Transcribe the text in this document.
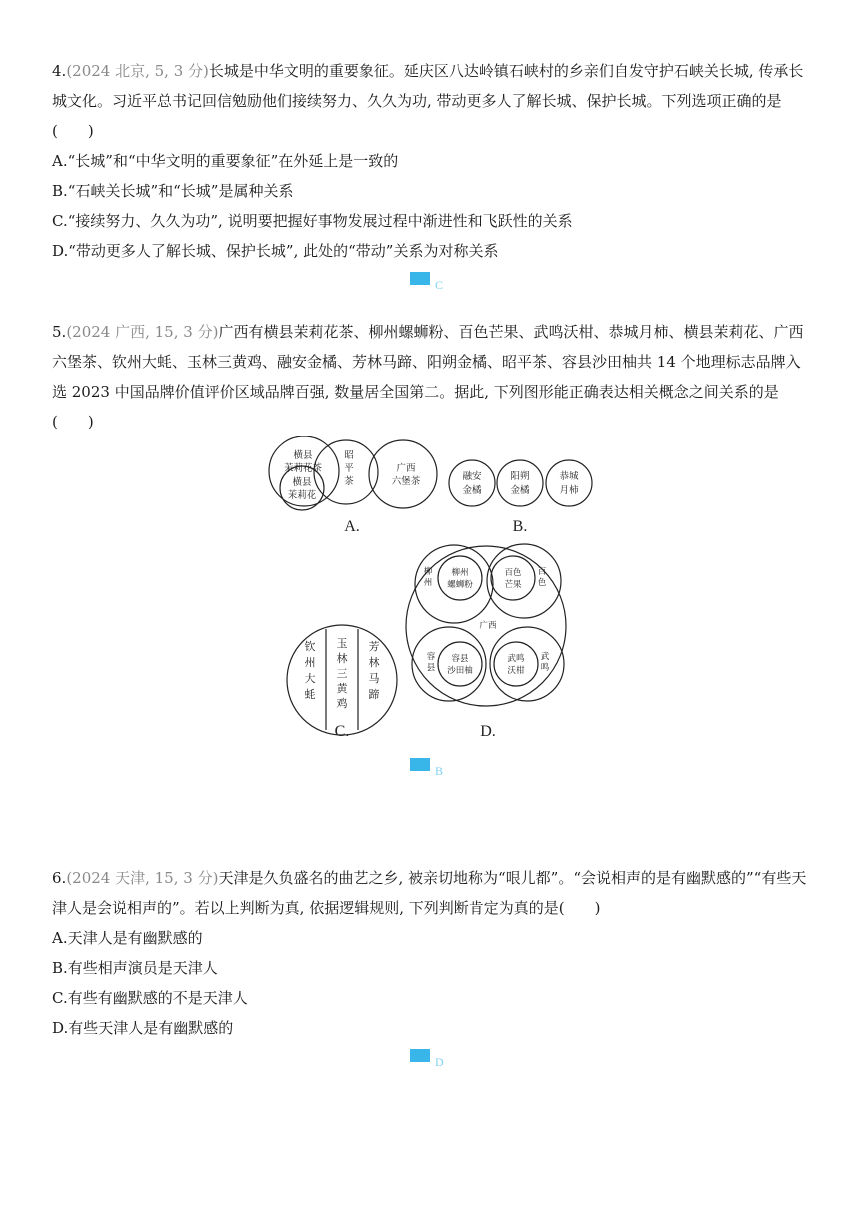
4.(2024 北京, 5, 3 分)长城是中华文明的重要象征。延庆区八达岭镇石峡村的乡亲们自发守护石峡关长城, 传承长城文化。习近平总书记回信勉励他们接续努力、久久为功, 带动更多人了解长城、保护长城。下列选项正确的是(　　)

A.“长城”和“中华文明的重要象征”在外延上是一致的

B.“石峡关长城”和“长城”是属种关系

C.“接续努力、久久为功”, 说明要把握好事物发展过程中渐进性和飞跃性的关系

D.“带动更多人了解长城、保护长城”, 此处的“带动”关系为对称关系

C

5.(2024 广西, 15, 3 分)广西有横县茉莉花茶、柳州螺蛳粉、百色芒果、武鸣沃柑、恭城月柿、横县茉莉花、广西六堡茶、钦州大蚝、玉林三黄鸡、融安金橘、芳林马蹄、阳朔金橘、昭平茶、容县沙田柚共 14 个地理标志品牌入选 2023 中国品牌价值评价区域品牌百强, 数量居全国第二。据此, 下列图形能正确表达相关概念之间关系的是(　　)

横县
茉莉花茶
横县
茉莉花
昭
平
茶
广西
六堡茶
A.
融安
金橘
阳朔
金橘
恭城
月柿
B.
钦
州
大
蚝
玉
林
三
黄
鸡
芳
林
马
蹄
C.
柳
州
柳州
螺蛳粉
百色
芒果
百
色
广西
容
县
容县
沙田柚
武鸣
沃柑
武
鸣
D.
B

6.(2024 天津, 15, 3 分)天津是久负盛名的曲艺之乡, 被亲切地称为“哏儿都”。“会说相声的是有幽默感的”“有些天津人是会说相声的”。若以上判断为真, 依据逻辑规则, 下列判断肯定为真的是(　　)

A.天津人是有幽默感的

B.有些相声演员是天津人

C.有些有幽默感的不是天津人

D.有些天津人是有幽默感的

D
